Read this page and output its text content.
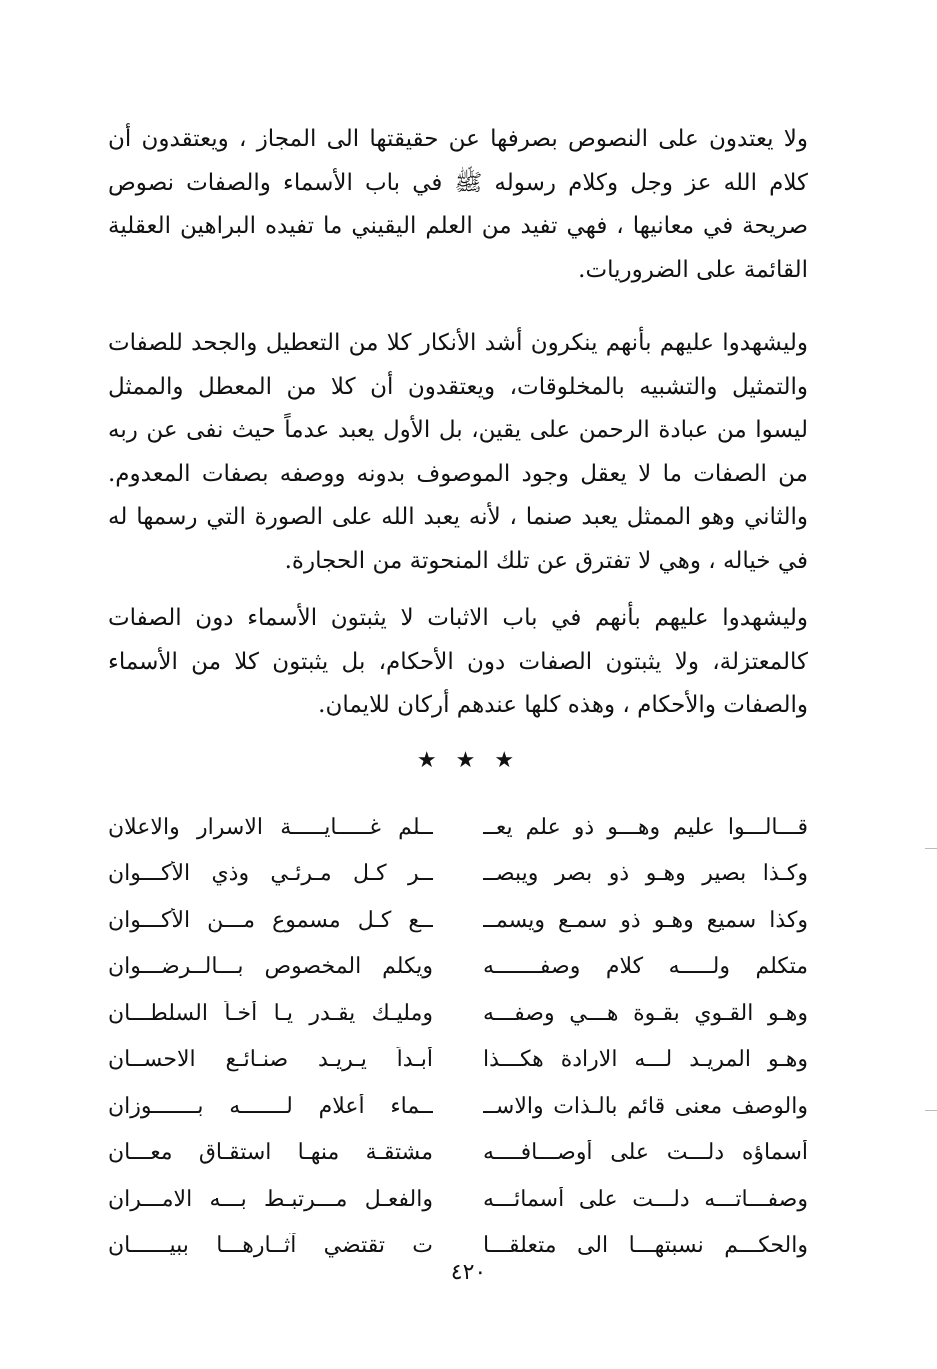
ولا يعتدون على النصوص بصرفها عن حقيقتها الى المجاز ، ويعتقدون أن كلام الله عز وجل وكلام رسوله ﷺ في باب الأسماء والصفات نصوص صريحة في معانيها ، فهي تفيد من العلم اليقيني ما تفيده البراهين العقلية القائمة على الضروريات.

وليشهدوا عليهم بأنهم ينكرون أشد الأنكار كلا من التعطيل والجحد للصفات والتمثيل والتشبيه بالمخلوقات، ويعتقدون أن كلا من المعطل والممثل ليسوا من عبادة الرحمن على يقين، بل الأول يعبد عدماً حيث نفى عن ربه من الصفات ما لا يعقل وجود الموصوف بدونه ووصفه بصفات المعدوم. والثاني وهو الممثل يعبد صنما ، لأنه يعبد الله على الصورة التي رسمها له في خياله ، وهي لا تفترق عن تلك المنحوتة من الحجارة.

وليشهدوا عليهم بأنهم في باب الاثبات لا يثبتون الأسماء دون الصفات كالمعتزلة، ولا يثبتون الصفات دون الأحكام، بل يثبتون كلا من الأسماء والصفات والأحكام ، وهذه كلها عندهم أركان للايمان.

★ ★ ★
قـــالـــوا عليم وهـــو ذو علم يعــ
ــلم غـــــايـــــة الاسرار والاعلان
وكـذا بصير وهـو ذو بصر ويبصــ
ــر كـل مـرئـي وذي الأكـــوان
وكذا سميع وهـو ذو سمـع ويسمــ
ــع كـل مسموع مـــن الأكـــوان
متكلم ولـــــه كلام وصفـــــــه
ويكلم المخصوص بـــالــرضـــوان
وهـو القـوي بقـوة هـــي وصفـــه
ومليـك يقـدر يـا أخـاً السلطـــان
وهـو المريـد لـــه الارادة هكـــذا
أبـداً يـريـد صنـائـع الاحســان
والوصف معنى قائم بالـذات والاســ
ــماء أعلام لـــــــه بـــــــوزان
أسماؤه دلـــت على أوصـــافــــه
مشتقـة منهـا استقـاق معـــان
وصفـــاتـــه دلـــت على أسمائـــه
والفعـل مـــرتبـط بـــه الامـــران
والحكـــم نسبتهـــا الى متعلقـــا
ت تقتضي آثــارهـــا ببيــــــان
٤٢٠
